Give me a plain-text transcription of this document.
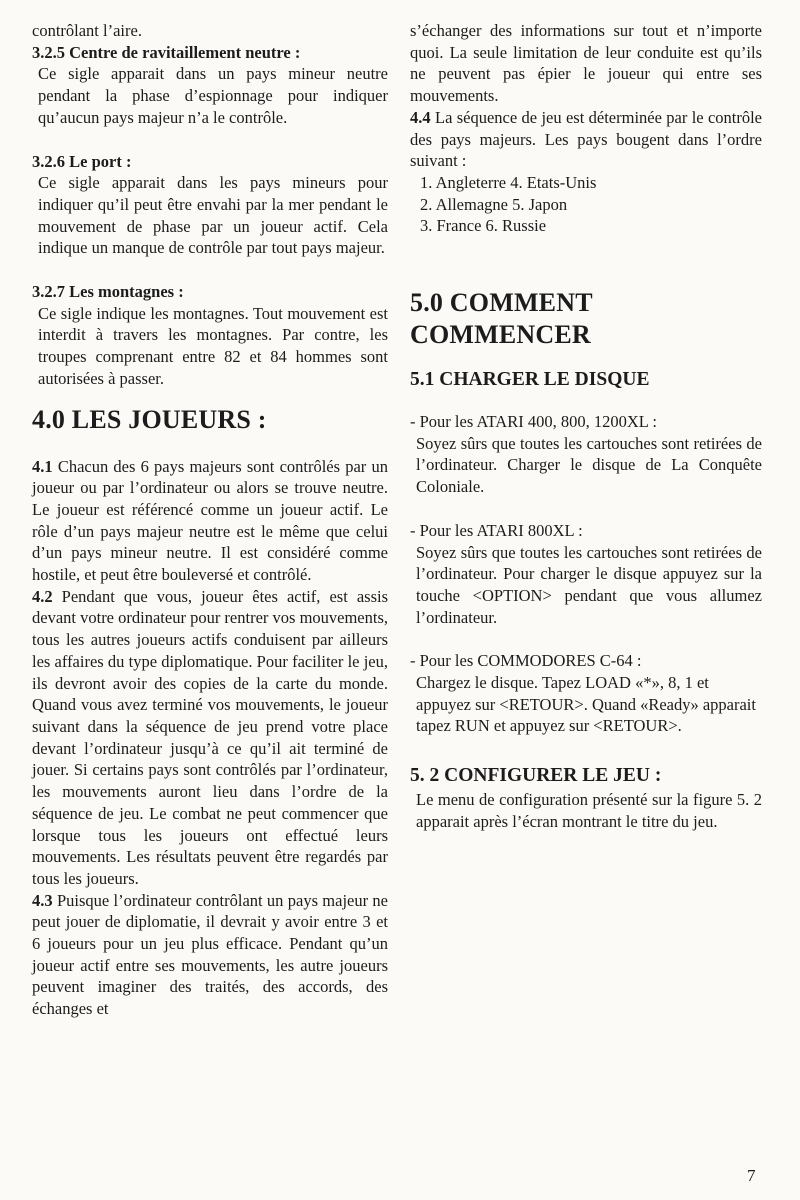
contrôlant l’aire.

3.2.5 Centre de ravitaillement neutre :

Ce sigle apparait dans un pays mineur neutre pendant la phase d’espionnage pour indiquer qu’aucun pays majeur n’a le contrôle.

3.2.6 Le port :

Ce sigle apparait dans les pays mineurs pour indiquer qu’il peut être envahi par la mer pendant le mouvement de phase par un joueur actif. Cela indique un manque de contrôle par tout pays majeur.

3.2.7 Les montagnes :

Ce sigle indique les montagnes. Tout mouvement est interdit à travers les montagnes. Par contre, les troupes comprenant entre 82 et 84 hommes sont autorisées à passer.

4.0 LES JOUEURS :

4.1 Chacun des 6 pays majeurs sont contrôlés par un joueur ou par l’ordinateur ou alors se trouve neutre. Le joueur est référencé comme un joueur actif. Le rôle d’un pays majeur neutre est le même que celui d’un pays mineur neutre. Il est considéré comme hostile, et peut être bouleversé et contrôlé.

4.2 Pendant que vous, joueur êtes actif, est assis devant votre ordinateur pour rentrer vos mouvements, tous les autres joueurs actifs conduisent par ailleurs les affaires du type diplomatique. Pour faciliter le jeu, ils devront avoir des copies de la carte du monde. Quand vous avez terminé vos mouvements, le joueur suivant dans la séquence de jeu prend votre place devant l’ordinateur jusqu’à ce qu’il ait terminé de jouer. Si certains pays sont contrôlés par l’ordinateur, les mouvements auront lieu dans l’ordre de la séquence de jeu. Le combat ne peut commencer que lorsque tous les joueurs ont effectué leurs mouvements. Les résultats peuvent être regardés par tous les joueurs.

4.3 Puisque l’ordinateur contrôlant un pays majeur ne peut jouer de diplomatie, il devrait y avoir entre 3 et 6 joueurs pour un jeu plus efficace. Pendant qu’un joueur actif entre ses mouvements, les autre joueurs peuvent imaginer des traités, des accords, des échanges et

s’échanger des informations sur tout et n’importe quoi. La seule limitation de leur conduite est qu’ils ne peuvent pas épier le joueur qui entre ses mouvements.

4.4 La séquence de jeu est déterminée par le contrôle des pays majeurs. Les pays bougent dans l’ordre suivant :

1. Angleterre 4. Etats-Unis

2. Allemagne 5. Japon

3. France 6. Russie

5.0 COMMENT COMMENCER
5.1 CHARGER LE DISQUE

- Pour les ATARI 400, 800, 1200XL :

Soyez sûrs que toutes les cartouches sont retirées de l’ordinateur. Charger le disque de La Conquête Coloniale.

- Pour les ATARI 800XL :

Soyez sûrs que toutes les cartouches sont retirées de l’ordinateur. Pour charger le disque appuyez sur la touche <OPTION> pendant que vous allumez l’ordinateur.

- Pour les COMMODORES C-64 :

Chargez le disque. Tapez LOAD «*», 8, 1 et appuyez sur <RETOUR>. Quand «Ready» apparait tapez RUN et appuyez sur <RETOUR>.

5. 2 CONFIGURER LE JEU :

Le menu de configuration présenté sur la figure 5. 2 apparait après l’écran montrant le titre du jeu.

7
